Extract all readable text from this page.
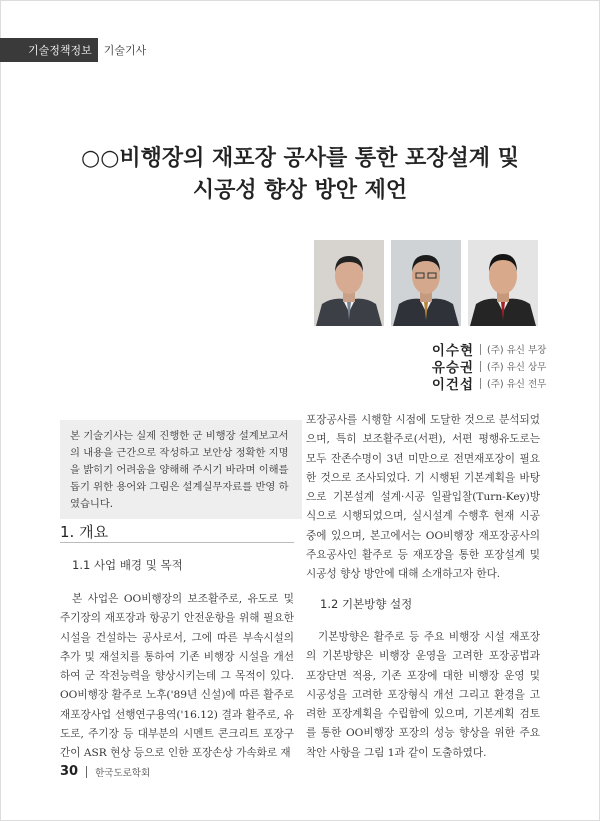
기술정책정보	기술기사
○○비행장의 재포장 공사를 통한 포장설계 및
시공성 향상 방안 제언
이수현 (주) 유신 부장
유승권 (주) 유신 상무
이건섭 (주) 유신 전무
본 기술기사는 실제 진행한 군 비행장 설계보고서의 내용을 근간으로 작성하고 보안상 정확한 지명을 밝히기 어려움을 양해해 주시기 바라며 이해를 돕기 위한 용어와 그림은 설계실무자료를 반영 하였습니다.
1. 개요
1.1 사업 배경 및 목적

본 사업은 OO비행장의 보조활주로, 유도로 및 주기장의 재포장과 항공기 안전운항을 위해 필요한 시설을 건설하는 공사로서, 그에 따른 부속시설의 추가 및 재설치를 통하여 기존 비행장 시설을 개선하여 군 작전능력을 향상시키는데 그 목적이 있다. OO비행장 활주로 노후('89년 신설)에 따른 활주로 재포장사업 선행연구용역('16.12) 결과 활주로, 유도로, 주기장 등 대부분의 시멘트 콘크리트 포장구간이 ASR 현상 등으로 인한 포장손상 가속화로 재

포장공사를 시행할 시점에 도달한 것으로 분석되었으며, 특히 보조활주로(서편), 서편 평행유도로는 모두 잔존수명이 3년 미만으로 전면재포장이 필요한 것으로 조사되었다. 기 시행된 기본계획을 바탕으로 기본설계 설계·시공 일괄입찰(Turn-Key)방식으로 시행되었으며, 실시설계 수행후 현재 시공중에 있으며, 본고에서는 OO비행장 재포장공사의 주요공사인 활주로 등 재포장을 통한 포장설계 및 시공성 향상 방안에 대해 소개하고자 한다.

1.2 기본방향 설정

기본방향은 활주로 등 주요 비행장 시설 재포장의 기본방향은 비행장 운영을 고려한 포장공법과 포장단면 적용, 기존 포장에 대한 비행장 운영 및 시공성을 고려한 포장형식 개선 그리고 환경을 고려한 포장계획을 수립함에 있으며, 기본계획 검토를 통한 OO비행장 포장의 성능 향상을 위한 주요 착안 사항을 그림 1과 같이 도출하였다.

30 한국도로학회
